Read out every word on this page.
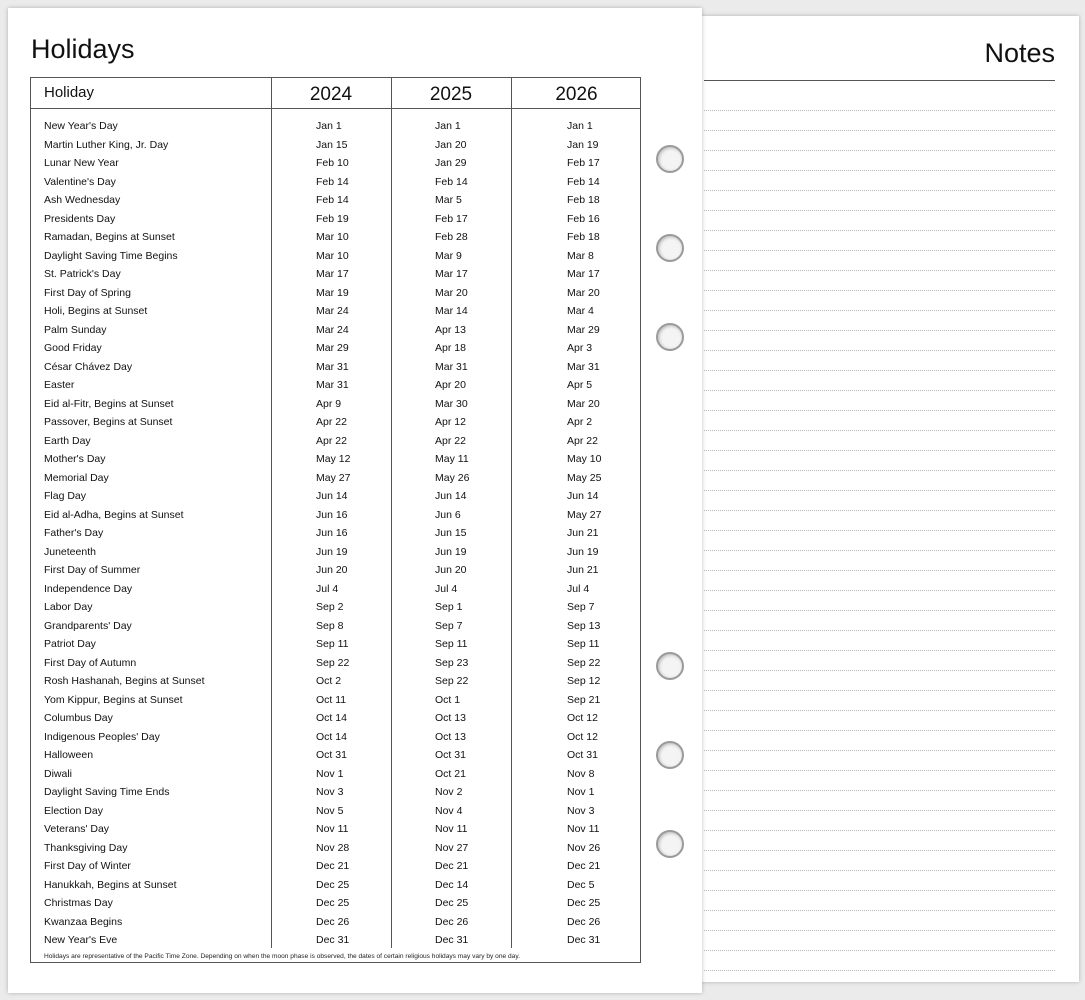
Notes
Holidays
Holiday	2024	2025	2026
New Year's Day	Jan 1	Jan 1	Jan 1
Martin Luther King, Jr. Day	Jan 15	Jan 20	Jan 19
Lunar New Year	Feb 10	Jan 29	Feb 17
Valentine's Day	Feb 14	Feb 14	Feb 14
Ash Wednesday	Feb 14	Mar 5	Feb 18
Presidents Day	Feb 19	Feb 17	Feb 16
Ramadan, Begins at Sunset	Mar 10	Feb 28	Feb 18
Daylight Saving Time Begins	Mar 10	Mar 9	Mar 8
St. Patrick's Day	Mar 17	Mar 17	Mar 17
First Day of Spring	Mar 19	Mar 20	Mar 20
Holi, Begins at Sunset	Mar 24	Mar 14	Mar 4
Palm Sunday	Mar 24	Apr 13	Mar 29
Good Friday	Mar 29	Apr 18	Apr 3
César Chávez Day	Mar 31	Mar 31	Mar 31
Easter	Mar 31	Apr 20	Apr 5
Eid al-Fitr, Begins at Sunset	Apr 9	Mar 30	Mar 20
Passover, Begins at Sunset	Apr 22	Apr 12	Apr 2
Earth Day	Apr 22	Apr 22	Apr 22
Mother's Day	May 12	May 11	May 10
Memorial Day	May 27	May 26	May 25
Flag Day	Jun 14	Jun 14	Jun 14
Eid al-Adha, Begins at Sunset	Jun 16	Jun 6	May 27
Father's Day	Jun 16	Jun 15	Jun 21
Juneteenth	Jun 19	Jun 19	Jun 19
First Day of Summer	Jun 20	Jun 20	Jun 21
Independence Day	Jul 4	Jul 4	Jul 4
Labor Day	Sep 2	Sep 1	Sep 7
Grandparents' Day	Sep 8	Sep 7	Sep 13
Patriot Day	Sep 11	Sep 11	Sep 11
First Day of Autumn	Sep 22	Sep 23	Sep 22
Rosh Hashanah, Begins at Sunset	Oct 2	Sep 22	Sep 12
Yom Kippur, Begins at Sunset	Oct 11	Oct 1	Sep 21
Columbus Day	Oct 14	Oct 13	Oct 12
Indigenous Peoples' Day	Oct 14	Oct 13	Oct 12
Halloween	Oct 31	Oct 31	Oct 31
Diwali	Nov 1	Oct 21	Nov 8
Daylight Saving Time Ends	Nov 3	Nov 2	Nov 1
Election Day	Nov 5	Nov 4	Nov 3
Veterans' Day	Nov 11	Nov 11	Nov 11
Thanksgiving Day	Nov 28	Nov 27	Nov 26
First Day of Winter	Dec 21	Dec 21	Dec 21
Hanukkah, Begins at Sunset	Dec 25	Dec 14	Dec 5
Christmas Day	Dec 25	Dec 25	Dec 25
Kwanzaa Begins	Dec 26	Dec 26	Dec 26
New Year's Eve	Dec 31	Dec 31	Dec 31
Holidays are representative of the Pacific Time Zone. Depending on when the moon phase is observed, the dates of certain religious holidays may vary by one day.
